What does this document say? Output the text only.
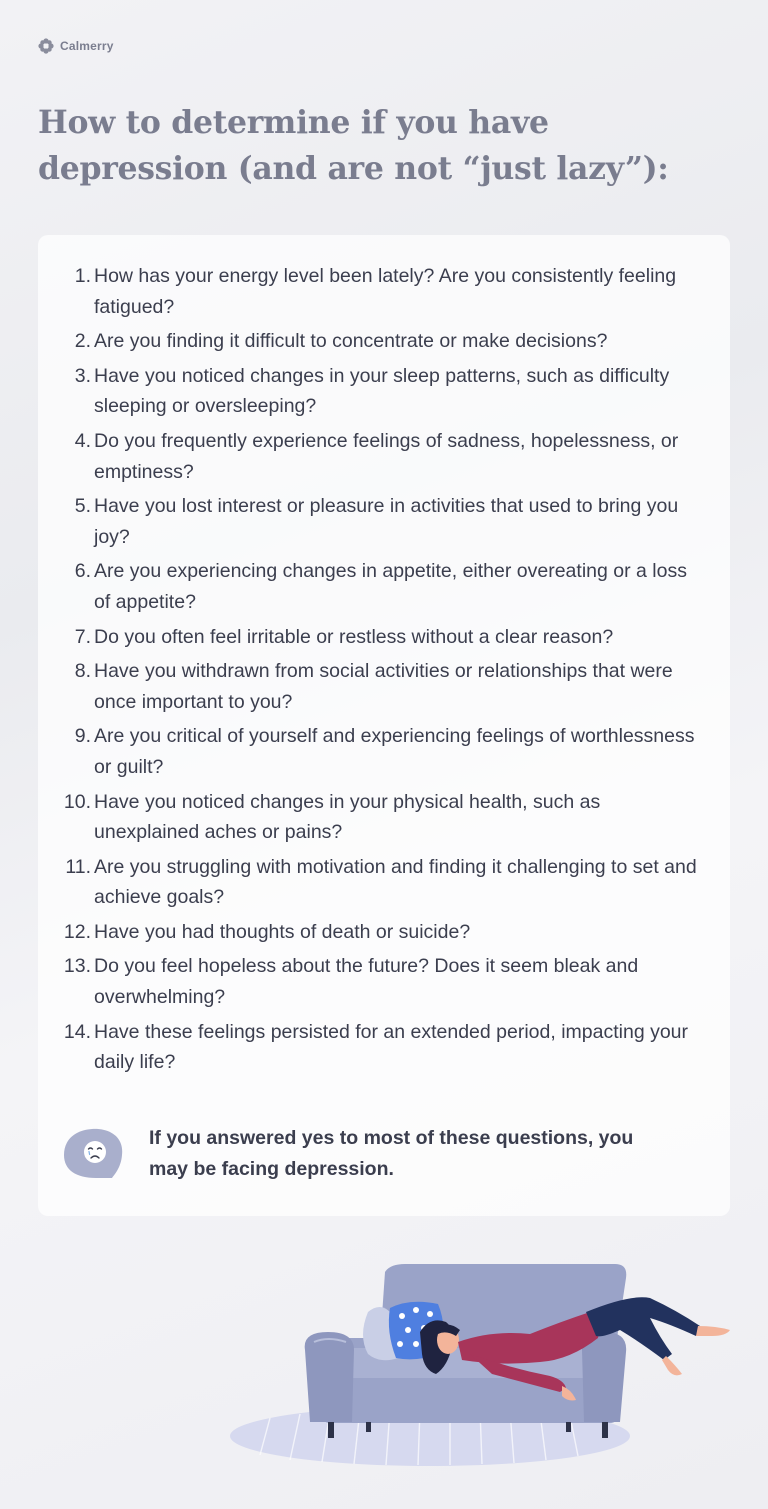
Calmerry
How to determine if you have depression (and are not “just lazy”):
1. How has your energy level been lately? Are you consistently feeling fatigued?
2. Are you finding it difficult to concentrate or make decisions?
3. Have you noticed changes in your sleep patterns, such as difficulty sleeping or oversleeping?
4. Do you frequently experience feelings of sadness, hopelessness, or emptiness?
5. Have you lost interest or pleasure in activities that used to bring you joy?
6. Are you experiencing changes in appetite, either overeating or a loss of appetite?
7. Do you often feel irritable or restless without a clear reason?
8. Have you withdrawn from social activities or relationships that were once important to you?
9. Are you critical of yourself and experiencing feelings of worthlessness or guilt?
10. Have you noticed changes in your physical health, such as unexplained aches or pains?
11. Are you struggling with motivation and finding it challenging to set and achieve goals?
12. Have you had thoughts of death or suicide?
13. Do you feel hopeless about the future? Does it seem bleak and overwhelming?
14. Have these feelings persisted for an extended period, impacting your daily life?
If you answered yes to most of these questions, you may be facing depression.
